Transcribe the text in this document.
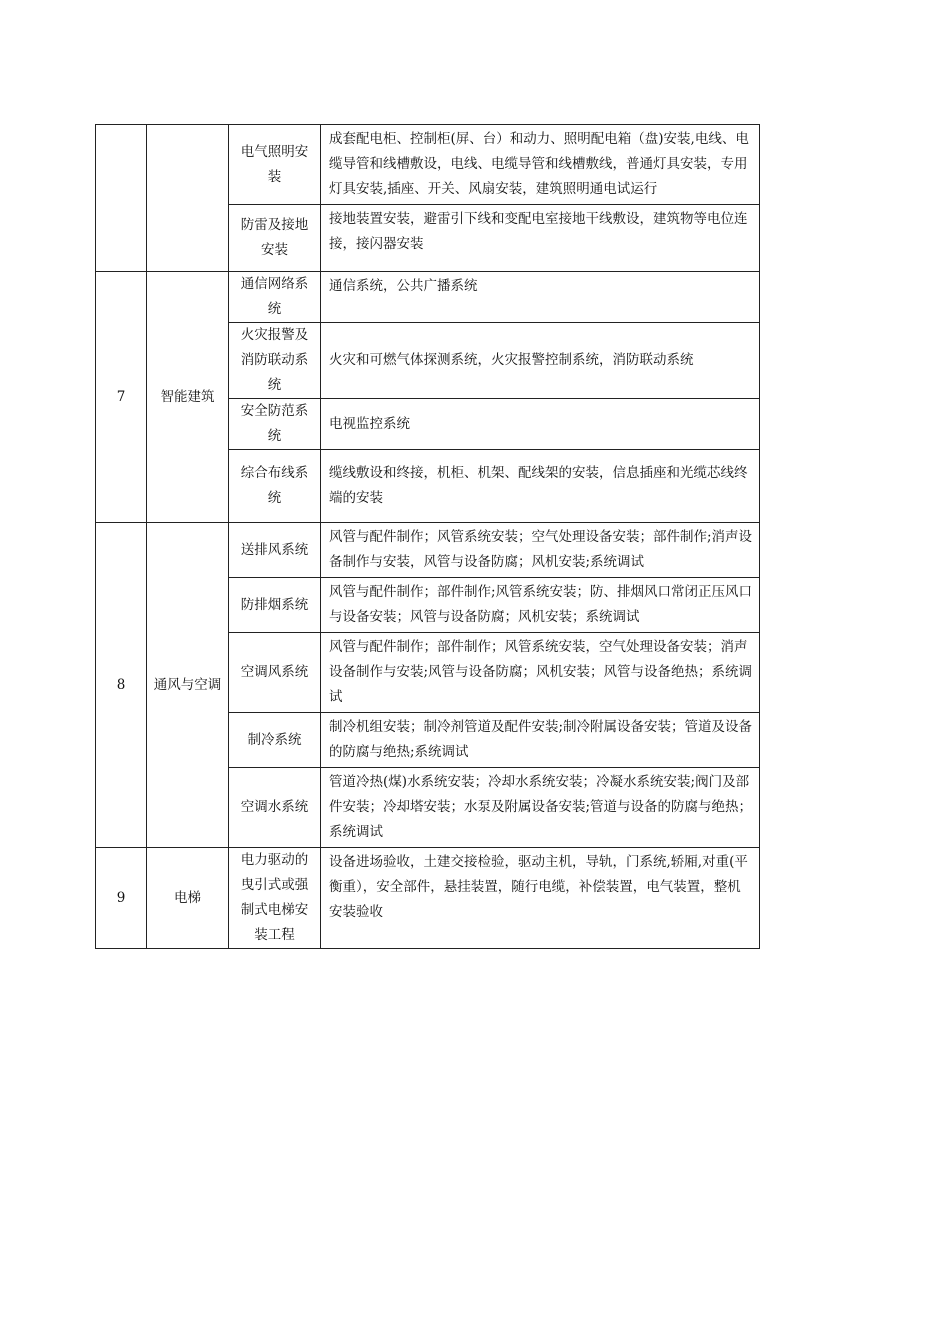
		电气照明安装	成套配电柜、控制柜(屏、台）和动力、照明配电箱（盘)安装,电线、电缆导管和线槽敷设，电线、电缆导管和线槽敷线，普通灯具安装，专用灯具安装,插座、开关、风扇安装，建筑照明通电试运行
		防雷及接地安装	接地装置安装，避雷引下线和变配电室接地干线敷设，建筑物等电位连接，接闪器安装
7	智能建筑	通信网络系统	通信系统，公共广播系统
		火灾报警及消防联动系统	火灾和可燃气体探测系统，火灾报警控制系统，消防联动系统
		安全防范系统	电视监控系统
		综合布线系统	缆线敷设和终接，机柜、机架、配线架的安装，信息插座和光缆芯线终端的安装
8	通风与空调	送排风系统	风管与配件制作；风管系统安装；空气处理设备安装；部件制作;消声设备制作与安装，风管与设备防腐；风机安装;系统调试
		防排烟系统	风管与配件制作；部件制作;风管系统安装；防、排烟风口常闭正压风口与设备安装；风管与设备防腐；风机安装；系统调试
		空调风系统	风管与配件制作；部件制作；风管系统安装，空气处理设备安装；消声设备制作与安装;风管与设备防腐；风机安装；风管与设备绝热；系统调试
		制冷系统	制冷机组安装；制冷剂管道及配件安装;制冷附属设备安装；管道及设备的防腐与绝热;系统调试
		空调水系统	管道冷热(煤)水系统安装；冷却水系统安装；冷凝水系统安装;阀门及部件安装；冷却塔安装；水泵及附属设备安装;管道与设备的防腐与绝热；系统调试
9	电梯	电力驱动的曳引式或强制式电梯安装工程	设备进场验收，土建交接检验，驱动主机，导轨，门系统,轿厢,对重(平衡重），安全部件，悬挂装置，随行电缆，补偿装置，电气装置，整机安装验收
